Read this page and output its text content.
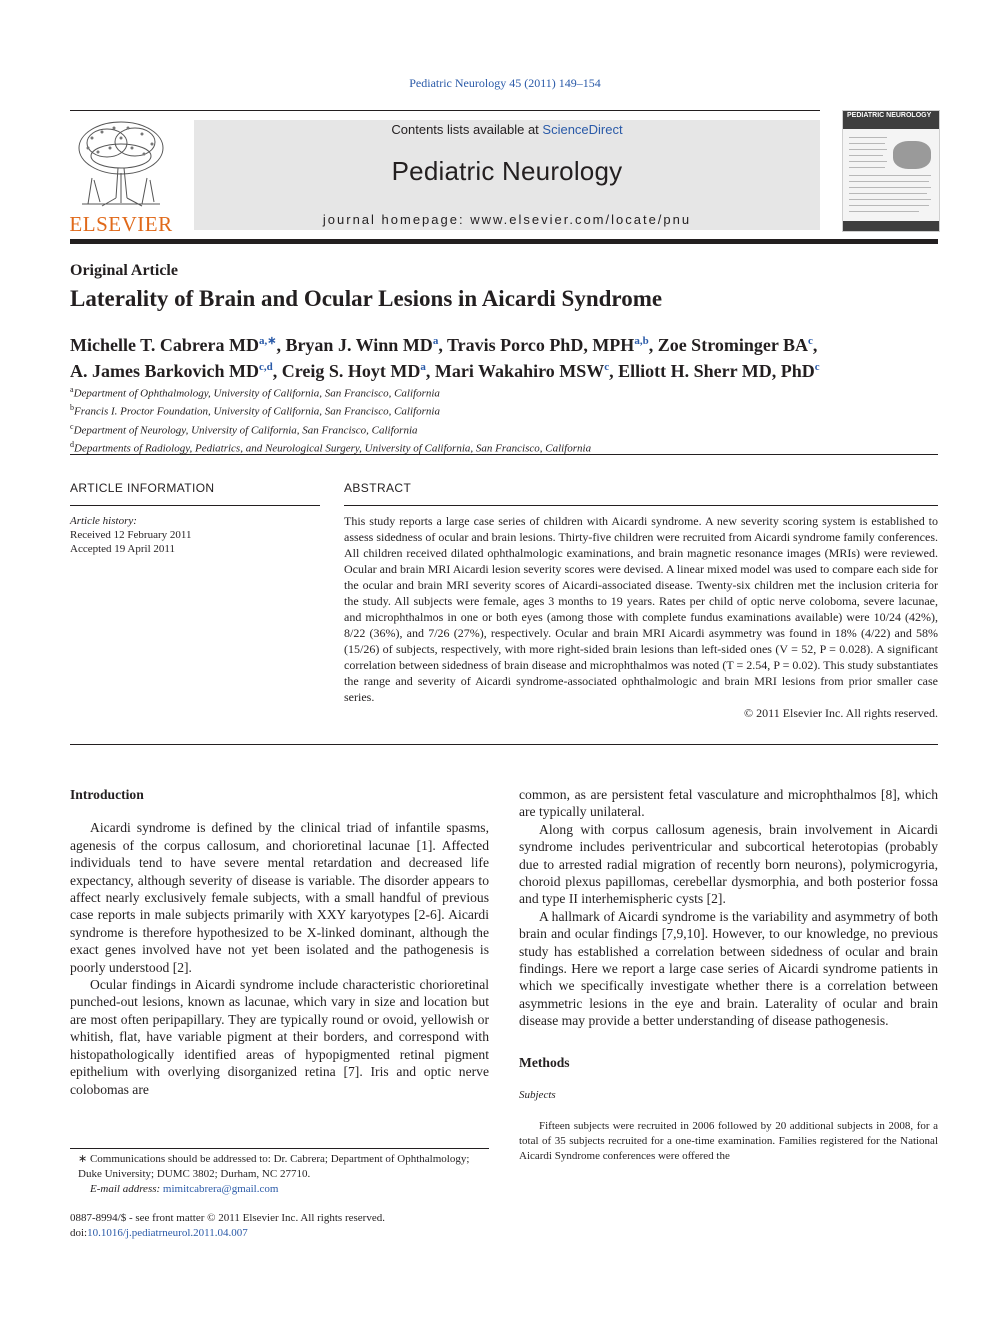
Pediatric Neurology 45 (2011) 149–154
ELSEVIER
Contents lists available at ScienceDirect
Pediatric Neurology
journal homepage: www.elsevier.com/locate/pnu
PEDIATRIC NEUROLOGY
Original Article
Laterality of Brain and Ocular Lesions in Aicardi Syndrome
Michelle T. Cabrera $MD^{a,∗}$, Bryan J. Winn $MD^a$, Travis Porco PhD, MPH$^{a,b}$, Zoe Strominger $BA^c$,
A. James Barkovich MD$^{c,d}$, Creig S. Hoyt $MD^a$, Mari Wakahiro MSW$^c$, Elliott H. Sherr MD, PhD$^c$
$^a$Department of Ophthalmology, University of California, San Francisco, California
$^b$Francis I. Proctor Foundation, University of California, San Francisco, California
$^c$Department of Neurology, University of California, San Francisco, California
$^d$Departments of Radiology, Pediatrics, and Neurological Surgery, University of California, San Francisco, California
ARTICLE INFORMATION	ABSTRACT
Article history:
Received 12 February 2011
Accepted 19 April 2011

This study reports a large case series of children with Aicardi syndrome. A new severity scoring system is established to assess sidedness of ocular and brain lesions. Thirty-five children were recruited from Aicardi syndrome family conferences. All children received dilated ophthalmologic examinations, and brain magnetic resonance images (MRIs) were reviewed. Ocular and brain MRI Aicardi lesion severity scores were devised. A linear mixed model was used to compare each side for the ocular and brain MRI severity scores of Aicardi-associated disease. Twenty-six children met the inclusion criteria for the study. All subjects were female, ages 3 months to 19 years. Rates per child of optic nerve coloboma, severe lacunae, and microphthalmos in one or both eyes (among those with complete fundus examinations available) were 10/24 (42%), 8/22 (36%), and 7/26 (27%), respectively. Ocular and brain MRI Aicardi asymmetry was found in 18% (4/22) and 58% (15/26) of subjects, respectively, with more right-sided brain lesions than left-sided ones (V = 52, P = 0.028). A significant correlation between sidedness of brain disease and microphthalmos was noted (T = 2.54, P = 0.02). This study substantiates the range and severity of Aicardi syndrome-associated ophthalmologic and brain MRI lesions from prior smaller case series.

© 2011 Elsevier Inc. All rights reserved.

Introduction

Aicardi syndrome is defined by the clinical triad of infantile spasms, agenesis of the corpus callosum, and chorioretinal lacunae [1]. Affected individuals tend to have severe mental retardation and decreased life expectancy, although severity of disease is variable. The disorder appears to affect nearly exclusively female subjects, with a small handful of previous case reports in male subjects primarily with XXY karyotypes [2-6]. Aicardi syndrome is therefore hypothesized to be X-linked dominant, although the exact genes involved have not yet been isolated and the pathogenesis is poorly understood [2].

Ocular findings in Aicardi syndrome include characteristic chorioretinal punched-out lesions, known as lacunae, which vary in size and location but are most often peripapillary. They are typically round or ovoid, yellowish or whitish, flat, have variable pigment at their borders, and correspond with histopathologically identified areas of hypopigmented retinal pigment epithelium with overlying disorganized retina [7]. Iris and optic nerve colobomas are

common, as are persistent fetal vasculature and microphthalmos [8], which are typically unilateral.

Along with corpus callosum agenesis, brain involvement in Aicardi syndrome includes periventricular and subcortical heterotopias (probably due to arrested radial migration of recently born neurons), polymicrogyria, choroid plexus papillomas, cerebellar dysmorphia, and both posterior fossa and type II interhemispheric cysts [2].

A hallmark of Aicardi syndrome is the variability and asymmetry of both brain and ocular findings [7,9,10]. However, to our knowledge, no previous study has established a correlation between sidedness of ocular and brain findings. Here we report a large case series of Aicardi syndrome patients in which we specifically investigate whether there is a correlation between asymmetric lesions in the eye and brain. Laterality of ocular and brain disease may provide a better understanding of disease pathogenesis.

Methods

Subjects

Fifteen subjects were recruited in 2006 followed by 20 additional subjects in 2008, for a total of 35 subjects recruited for a one-time examination. Families registered for the National Aicardi Syndrome conferences were offered the

∗ Communications should be addressed to: Dr. Cabrera; Department of Ophthalmology; Duke University; DUMC 3802; Durham, NC 27710.
E-mail address: mimitcabrera@gmail.com
0887-8994/$ - see front matter © 2011 Elsevier Inc. All rights reserved.
doi:10.1016/j.pediatrneurol.2011.04.007
